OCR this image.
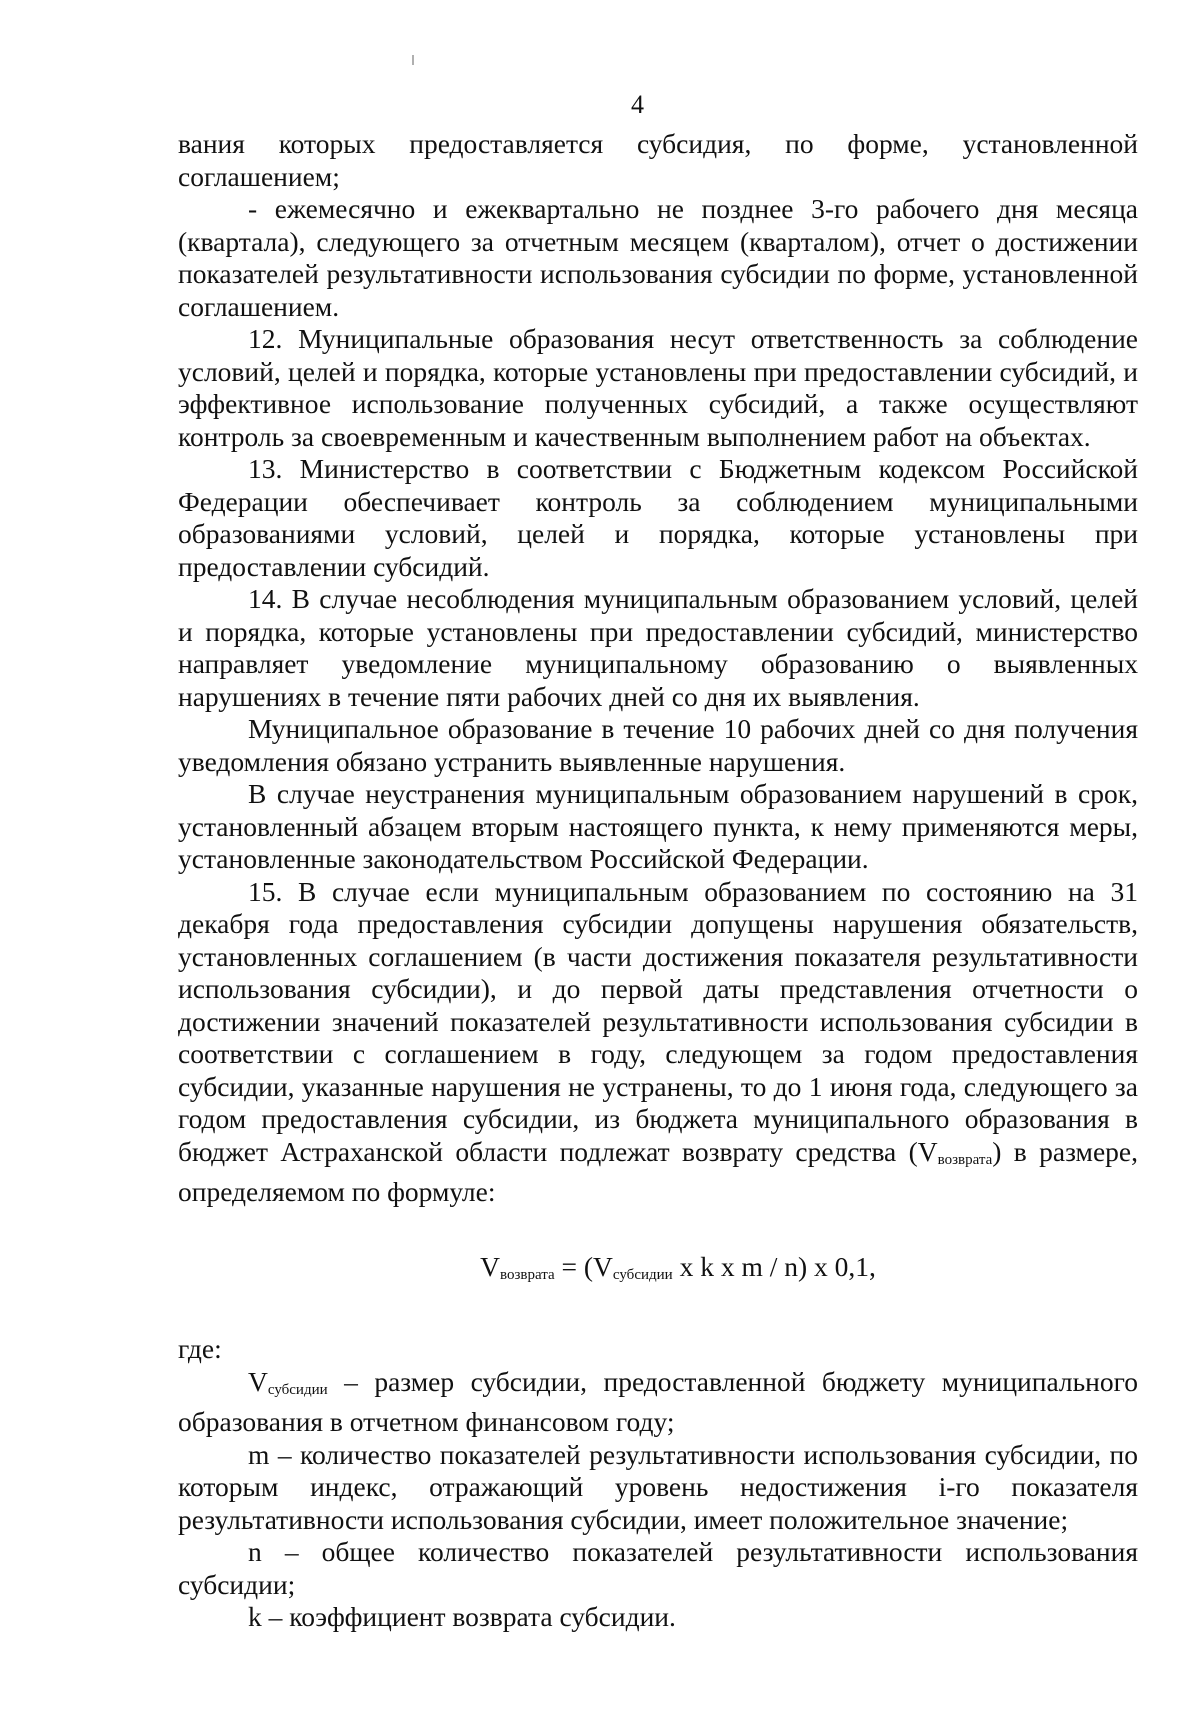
4

вания которых предоставляется субсидия, по форме, установленной соглашением;

- ежемесячно и ежеквартально не позднее 3-го рабочего дня месяца (квартала), следующего за отчетным месяцем (кварталом), отчет о достижении показателей результативности использования субсидии по форме, установленной соглашением.

12. Муниципальные образования несут ответственность за соблюдение условий, целей и порядка, которые установлены при предоставлении субсидий, и эффективное использование полученных субсидий, а также осуществляют контроль за своевременным и качественным выполнением работ на объектах.

13. Министерство в соответствии с Бюджетным кодексом Российской Федерации обеспечивает контроль за соблюдением муниципальными образованиями условий, целей и порядка, которые установлены при предоставлении субсидий.

14. В случае несоблюдения муниципальным образованием условий, целей и порядка, которые установлены при предоставлении субсидий, министерство направляет уведомление муниципальному образованию о выявленных нарушениях в течение пяти рабочих дней со дня их выявления.

Муниципальное образование в течение 10 рабочих дней со дня получения уведомления обязано устранить выявленные нарушения.

В случае неустранения муниципальным образованием нарушений в срок, установленный абзацем вторым настоящего пункта, к нему применяются меры, установленные законодательством Российской Федерации.

15. В случае если муниципальным образованием по состоянию на 31 декабря года предоставления субсидии допущены нарушения обязательств, установленных соглашением (в части достижения показателя результативности использования субсидии), и до первой даты представления отчетности о достижении значений показателей результативности использования субсидии в соответствии с соглашением в году, следующем за годом предоставления субсидии, указанные нарушения не устранены, то до 1 июня года, следующего за годом предоставления субсидии, из бюджета муниципального образования в бюджет Астраханской области подлежат возврату средства $(V_{возврата})$ в размере, определяемом по формуле:

$V_{возврата} = (V_{субсидии}$ x k x m / n) x 0,1,

где:

$V_{субсидии}$ – размер субсидии, предоставленной бюджету муниципального образования в отчетном финансовом году;

m – количество показателей результативности использования субсидии, по которым индекс, отражающий уровень недостижения i-го показателя результативности использования субсидии, имеет положительное значение;

n – общее количество показателей результативности использования субсидии;

k – коэффициент возврата субсидии.
